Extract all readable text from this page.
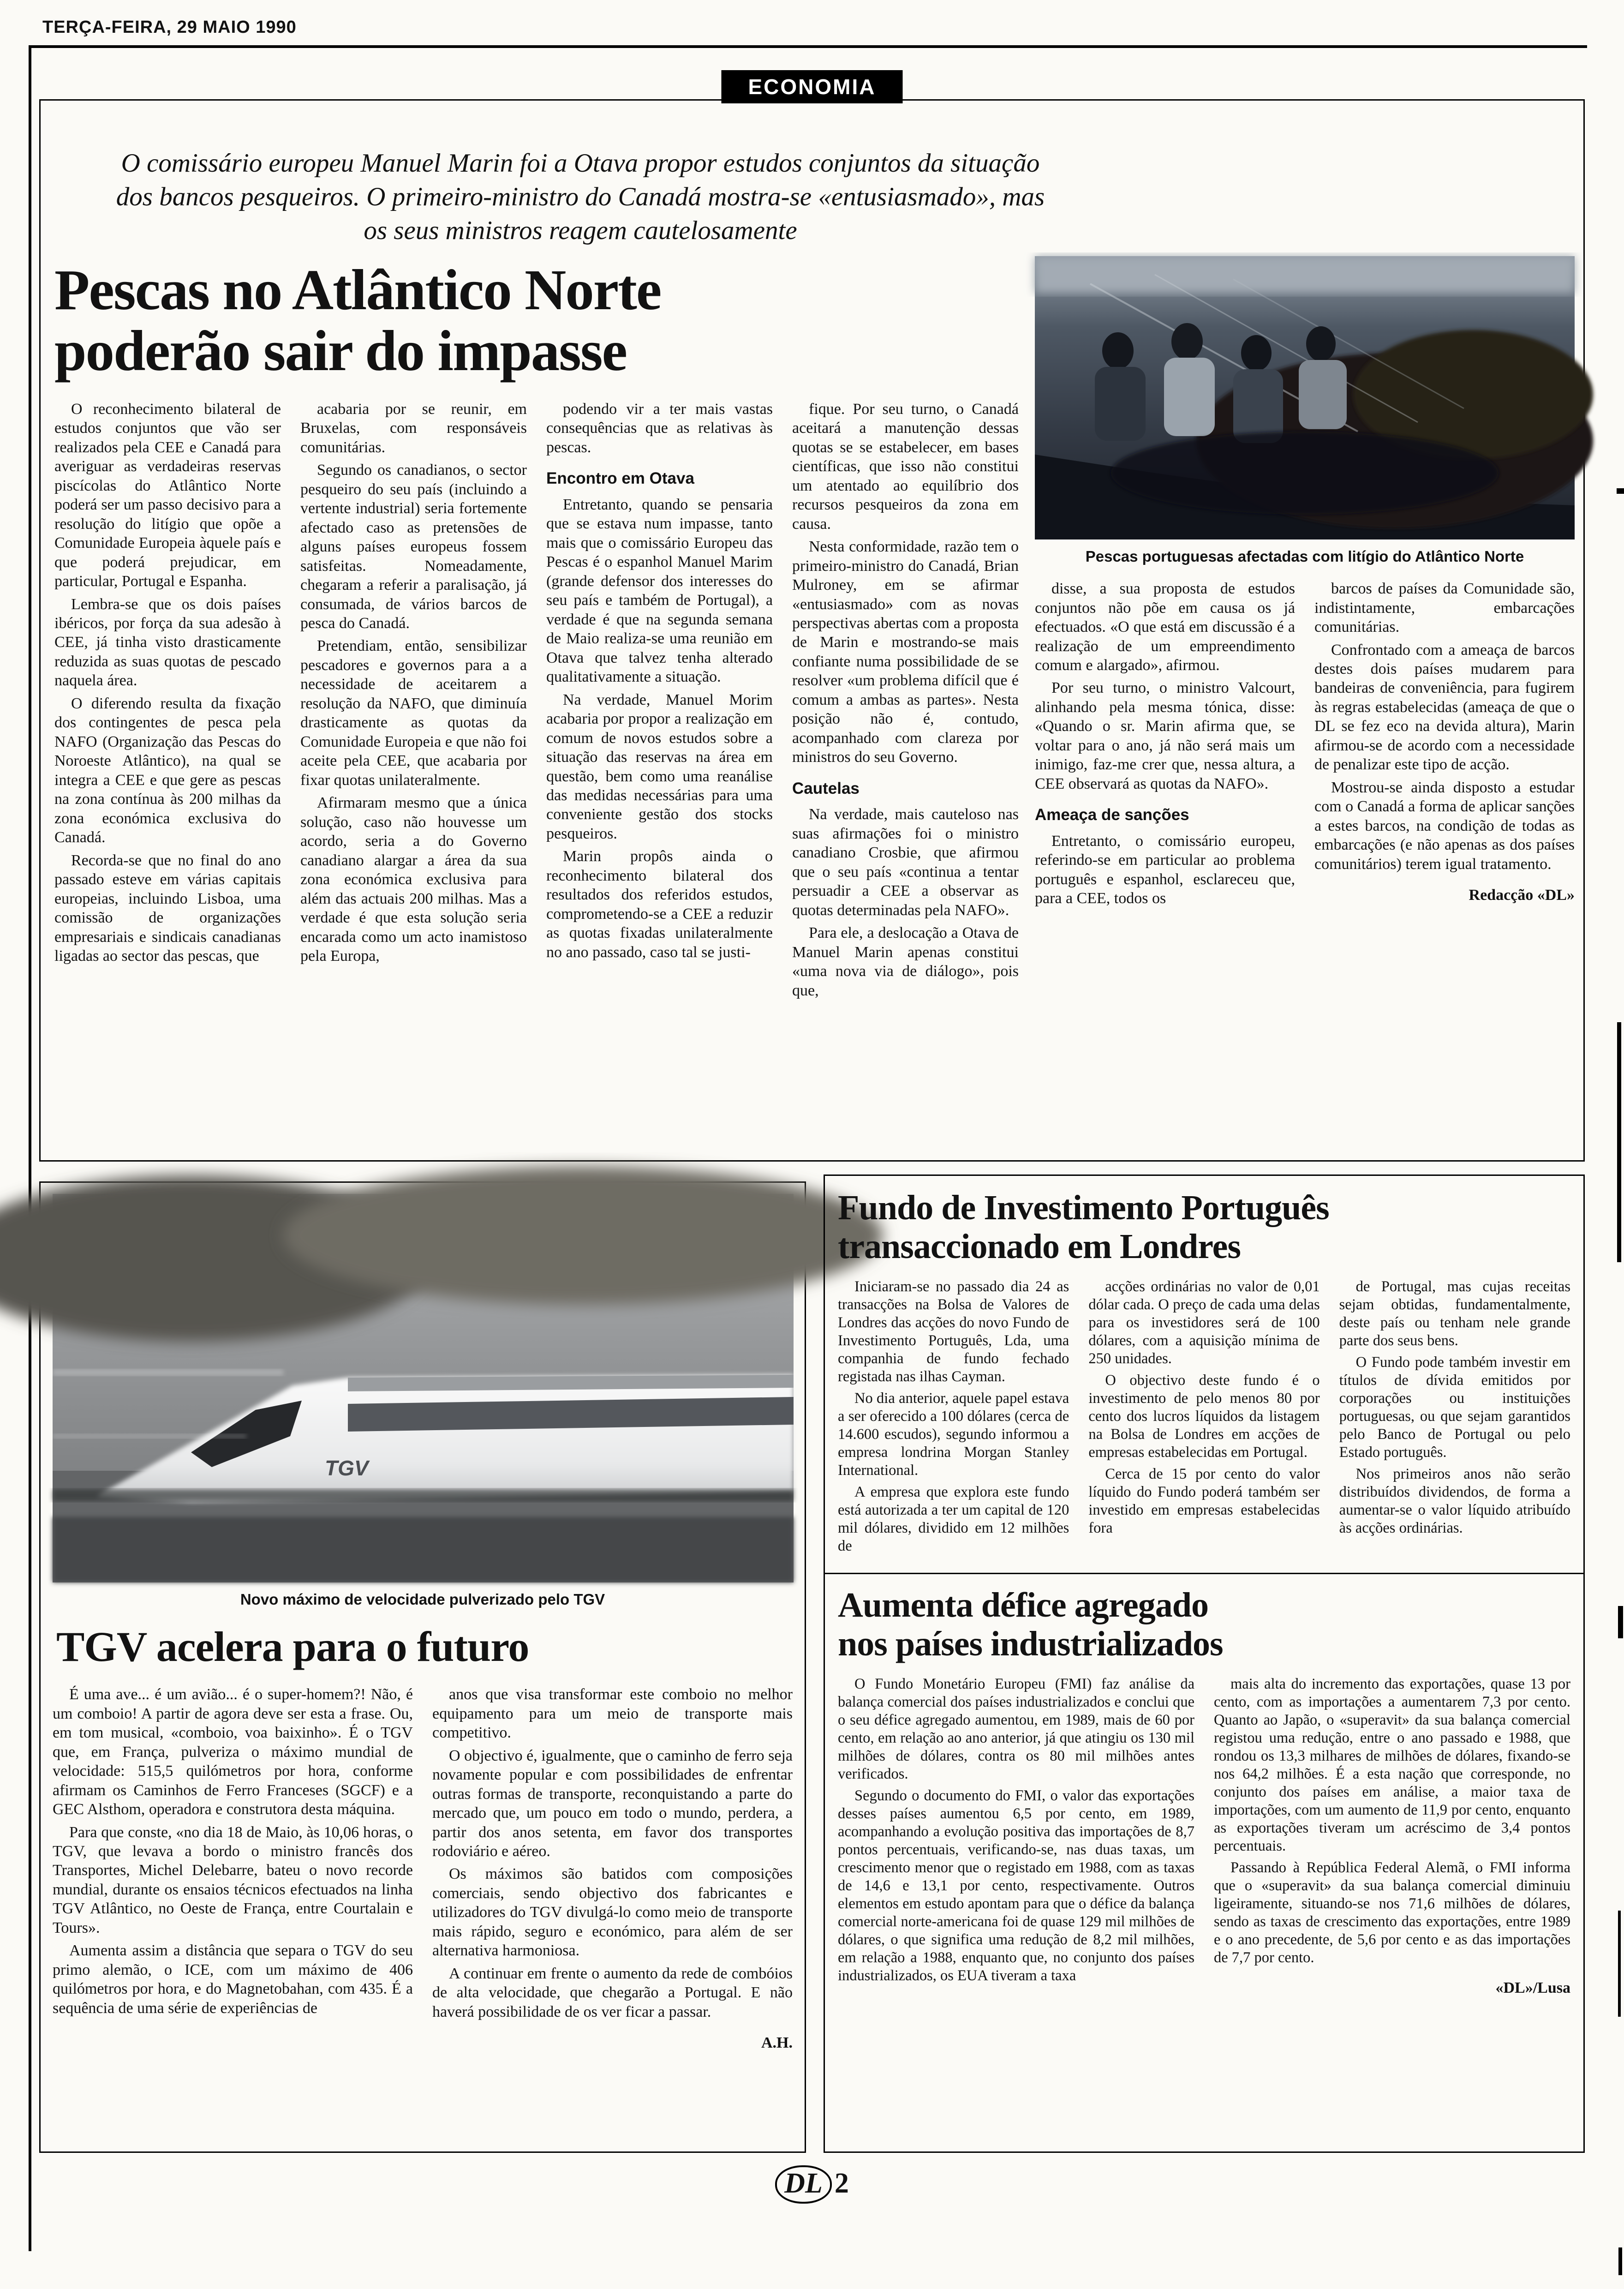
TERÇA-FEIRA, 29 MAIO 1990
ECONOMIA
O comissário europeu Manuel Marin foi a Otava propor estudos conjuntos da situação dos bancos pesqueiros. O primeiro-ministro do Canadá mostra-se «entusiasmado», mas os seus ministros reagem cautelosamente
Pescas no Atlântico Norte
poderão sair do impasse

O reconhecimento bilateral de estudos conjuntos que vão ser realizados pela CEE e Canadá para averiguar as verdadeiras reservas piscícolas do Atlântico Norte poderá ser um passo decisivo para a resolução do litígio que opõe a Comunidade Europeia àquele país e que poderá prejudicar, em particular, Portugal e Espanha.

Lembra-se que os dois países ibéricos, por força da sua adesão à CEE, já tinha visto drasticamente reduzida as suas quotas de pescado naquela área.

O diferendo resulta da fixação dos contingentes de pesca pela NAFO (Organização das Pescas do Noroeste Atlântico), na qual se integra a CEE e que gere as pescas na zona contínua às 200 milhas da zona económica exclusiva do Canadá.

Recorda-se que no final do ano passado esteve em várias capitais europeias, incluindo Lisboa, uma comissão de organizações empresariais e sindicais canadianas ligadas ao sector das pescas, que

acabaria por se reunir, em Bruxelas, com responsáveis comunitárias.

Segundo os canadianos, o sector pesqueiro do seu país (incluindo a vertente industrial) seria fortemente afectado caso as pretensões de alguns países europeus fossem satisfeitas. Nomeadamente, chegaram a referir a paralisação, já consumada, de vários barcos de pesca do Canadá.

Pretendiam, então, sensibilizar pescadores e governos para a a necessidade de aceitarem a resolução da NAFO, que diminuía drasticamente as quotas da Comunidade Europeia e que não foi aceite pela CEE, que acabaria por fixar quotas unilateralmente.

Afirmaram mesmo que a única solução, caso não houvesse um acordo, seria a do Governo canadiano alargar a área da sua zona económica exclusiva para além das actuais 200 milhas. Mas a verdade é que esta solução seria encarada como um acto inamistoso pela Europa,

podendo vir a ter mais vastas consequências que as relativas às pescas.

Encontro em Otava

Entretanto, quando se pensaria que se estava num impasse, tanto mais que o comissário Europeu das Pescas é o espanhol Manuel Marim (grande defensor dos interesses do seu país e também de Portugal), a verdade é que na segunda semana de Maio realiza-se uma reunião em Otava que talvez tenha alterado qualitativamente a situação.

Na verdade, Manuel Morim acabaria por propor a realização em comum de novos estudos sobre a situação das reservas na área em questão, bem como uma reanálise das medidas necessárias para uma conveniente gestão dos stocks pesqueiros.

Marin propôs ainda o reconhecimento bilateral dos resultados dos referidos estudos, comprometendo-se a CEE a reduzir as quotas fixadas unilateralmente no ano passado, caso tal se justi-

fique. Por seu turno, o Canadá aceitará a manutenção dessas quotas se se estabelecer, em bases científicas, que isso não constitui um atentado ao equilíbrio dos recursos pesqueiros da zona em causa.

Nesta conformidade, razão tem o primeiro-ministro do Canadá, Brian Mulroney, em se afirmar «entusiasmado» com as novas perspectivas abertas com a proposta de Marin e mostrando-se mais confiante numa possibilidade de se resolver «um problema difícil que é comum a ambas as partes». Nesta posição não é, contudo, acompanhado com clareza por ministros do seu Governo.

Cautelas

Na verdade, mais cauteloso nas suas afirmações foi o ministro canadiano Crosbie, que afirmou que o seu país «continua a tentar persuadir a CEE a observar as quotas determinadas pela NAFO».

Para ele, a deslocação a Otava de Manuel Marin apenas constitui «uma nova via de diálogo», pois que,

Pescas portuguesas afectadas com litígio do Atlântico Norte

disse, a sua proposta de estudos conjuntos não põe em causa os já efectuados. «O que está em discussão é a realização de um empreendimento comum e alargado», afirmou.

Por seu turno, o ministro Valcourt, alinhando pela mesma tónica, disse: «Quando o sr. Marin afirma que, se voltar para o ano, já não será mais um inimigo, faz-me crer que, nessa altura, a CEE observará as quotas da NAFO».

Ameaça de sanções

Entretanto, o comissário europeu, referindo-se em particular ao problema português e espanhol, esclareceu que, para a CEE, todos os

barcos de países da Comunidade são, indistintamente, embarcações comunitárias.

Confrontado com a ameaça de barcos destes dois países mudarem para bandeiras de conveniência, para fugirem às regras estabelecidas (ameaça de que o DL se fez eco na devida altura), Marin afirmou-se de acordo com a necessidade de penalizar este tipo de acção.

Mostrou-se ainda disposto a estudar com o Canadá a forma de aplicar sanções a estes barcos, na condição de todas as embarcações (e não apenas as dos países comunitários) terem igual tratamento.

Redacção «DL»
TGV
Novo máximo de velocidade pulverizado pelo TGV
TGV acelera para o futuro

É uma ave... é um avião... é o super-homem?! Não, é um comboio! A partir de agora deve ser esta a frase. Ou, em tom musical, «comboio, voa baixinho». É o TGV que, em França, pulveriza o máximo mundial de velocidade: 515,5 quilómetros por hora, conforme afirmam os Caminhos de Ferro Franceses (SGCF) e a GEC Alsthom, operadora e construtora desta máquina.

Para que conste, «no dia 18 de Maio, às 10,06 horas, o TGV, que levava a bordo o ministro francês dos Transportes, Michel Delebarre, bateu o novo recorde mundial, durante os ensaios técnicos efectuados na linha TGV Atlântico, no Oeste de França, entre Courtalain e Tours».

Aumenta assim a distância que separa o TGV do seu primo alemão, o ICE, com um máximo de 406 quilómetros por hora, e do Magnetobahan, com 435. É a sequência de uma série de experiências de

anos que visa transformar este comboio no melhor equipamento para um meio de transporte mais competitivo.

O objectivo é, igualmente, que o caminho de ferro seja novamente popular e com possibilidades de enfrentar outras formas de transporte, reconquistando a parte do mercado que, um pouco em todo o mundo, perdera, a partir dos anos setenta, em favor dos transportes rodoviário e aéreo.

Os máximos são batidos com composições comerciais, sendo objectivo dos fabricantes e utilizadores do TGV divulgá-lo como meio de transporte mais rápido, seguro e económico, para além de ser alternativa harmoniosa.

A continuar em frente o aumento da rede de combóios de alta velocidade, que chegarão a Portugal. E não haverá possibilidade de os ver ficar a passar.

A.H.
Fundo de Investimento Português
transaccionado em Londres

Iniciaram-se no passado dia 24 as transacções na Bolsa de Valores de Londres das acções do novo Fundo de Investimento Português, Lda, uma companhia de fundo fechado registada nas ilhas Cayman.

No dia anterior, aquele papel estava a ser oferecido a 100 dólares (cerca de 14.600 escudos), segundo informou a empresa londrina Morgan Stanley International.

A empresa que explora este fundo está autorizada a ter um capital de 120 mil dólares, dividido em 12 milhões de

acções ordinárias no valor de 0,01 dólar cada. O preço de cada uma delas para os investidores será de 100 dólares, com a aquisição mínima de 250 unidades.

O objectivo deste fundo é o investimento de pelo menos 80 por cento dos lucros líquidos da listagem na Bolsa de Londres em acções de empresas estabelecidas em Portugal.

Cerca de 15 por cento do valor líquido do Fundo poderá também ser investido em empresas estabelecidas fora

de Portugal, mas cujas receitas sejam obtidas, fundamentalmente, deste país ou tenham nele grande parte dos seus bens.

O Fundo pode também investir em títulos de dívida emitidos por corporações ou instituições portuguesas, ou que sejam garantidos pelo Banco de Portugal ou pelo Estado português.

Nos primeiros anos não serão distribuídos dividendos, de forma a aumentar-se o valor líquido atribuído às acções ordinárias.

Aumenta défice agregado
nos países industrializados

O Fundo Monetário Europeu (FMI) faz análise da balança comercial dos países industrializados e conclui que o seu défice agregado aumentou, em 1989, mais de 60 por cento, em relação ao ano anterior, já que atingiu os 130 mil milhões de dólares, contra os 80 mil milhões antes verificados.

Segundo o documento do FMI, o valor das exportações desses países aumentou 6,5 por cento, em 1989, acompanhando a evolução positiva das importações de 8,7 pontos percentuais, verificando-se, nas duas taxas, um crescimento menor que o registado em 1988, com as taxas de 14,6 e 13,1 por cento, respectivamente. Outros elementos em estudo apontam para que o défice da balança comercial norte-americana foi de quase 129 mil milhões de dólares, o que significa uma redução de 8,2 mil milhões, em relação a 1988, enquanto que, no conjunto dos países industrializados, os EUA tiveram a taxa

mais alta do incremento das exportações, quase 13 por cento, com as importações a aumentarem 7,3 por cento. Quanto ao Japão, o «superavit» da sua balança comercial registou uma redução, entre o ano passado e 1988, que rondou os 13,3 milhares de milhões de dólares, fixando-se nos 64,2 milhões. É a esta nação que corresponde, no conjunto dos países em análise, a maior taxa de importações, com um aumento de 11,9 por cento, enquanto as exportações tiveram um acréscimo de 3,4 pontos percentuais.

Passando à República Federal Alemã, o FMI informa que o «superavit» da sua balança comercial diminuiu ligeiramente, situando-se nos 71,6 milhões de dólares, sendo as taxas de crescimento das exportações, entre 1989 e o ano precedente, de 5,6 por cento e as das importações de 7,7 por cento.

«DL»/Lusa
DL 2
